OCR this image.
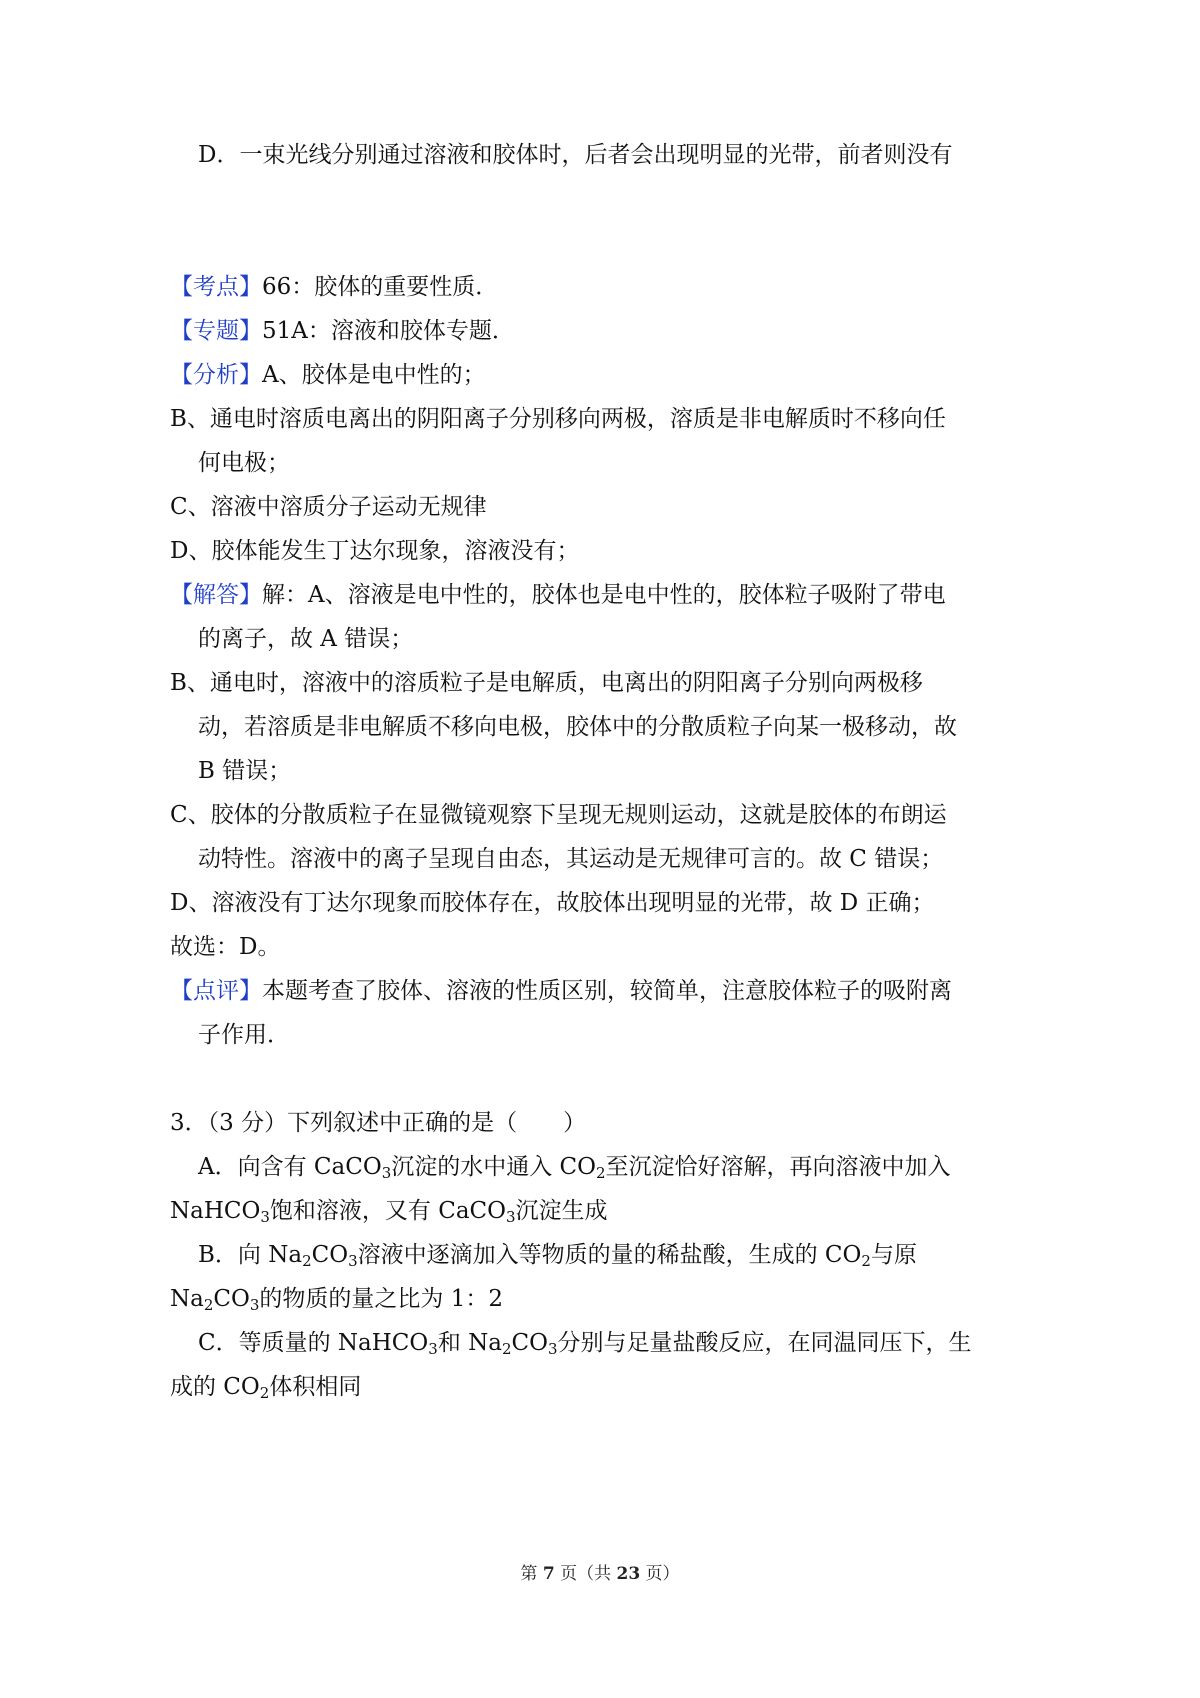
D．一束光线分别通过溶液和胶体时，后者会出现明显的光带，前者则没有
【考点】66：胶体的重要性质．
【专题】51A：溶液和胶体专题．
【分析】A、胶体是电中性的；
B、通电时溶质电离出的阴阳离子分别移向两极，溶质是非电解质时不移向任
何电极；
C、溶液中溶质分子运动无规律
D、胶体能发生丁达尔现象，溶液没有；
【解答】解：A、溶液是电中性的，胶体也是电中性的，胶体粒子吸附了带电
的离子，故 A 错误；
B、通电时，溶液中的溶质粒子是电解质，电离出的阴阳离子分别向两极移
动，若溶质是非电解质不移向电极，胶体中的分散质粒子向某一极移动，故
B 错误；
C、胶体的分散质粒子在显微镜观察下呈现无规则运动，这就是胶体的布朗运
动特性。溶液中的离子呈现自由态，其运动是无规律可言的。故 C 错误；
D、溶液没有丁达尔现象而胶体存在，故胶体出现明显的光带，故 D 正确；
故选：D。
【点评】本题考查了胶体、溶液的性质区别，较简单，注意胶体粒子的吸附离
子作用．
3．（3 分）下列叙述中正确的是（　　）
A．向含有 CaCO$_3$沉淀的水中通入 $CO_2$至沉淀恰好溶解，再向溶液中加入
NaHCO$_3$饱和溶液，又有 CaCO$_3$沉淀生成
B．向 $Na_2CO_3$溶液中逐滴加入等物质的量的稀盐酸，生成的 $CO_2$与原
$Na_2CO_3$的物质的量之比为 1：2
C．等质量的 NaHCO$_3$和 $Na_2CO_3$分别与足量盐酸反应，在同温同压下，生
成的 $CO_2$体积相同
第 7 页（共 23 页）
